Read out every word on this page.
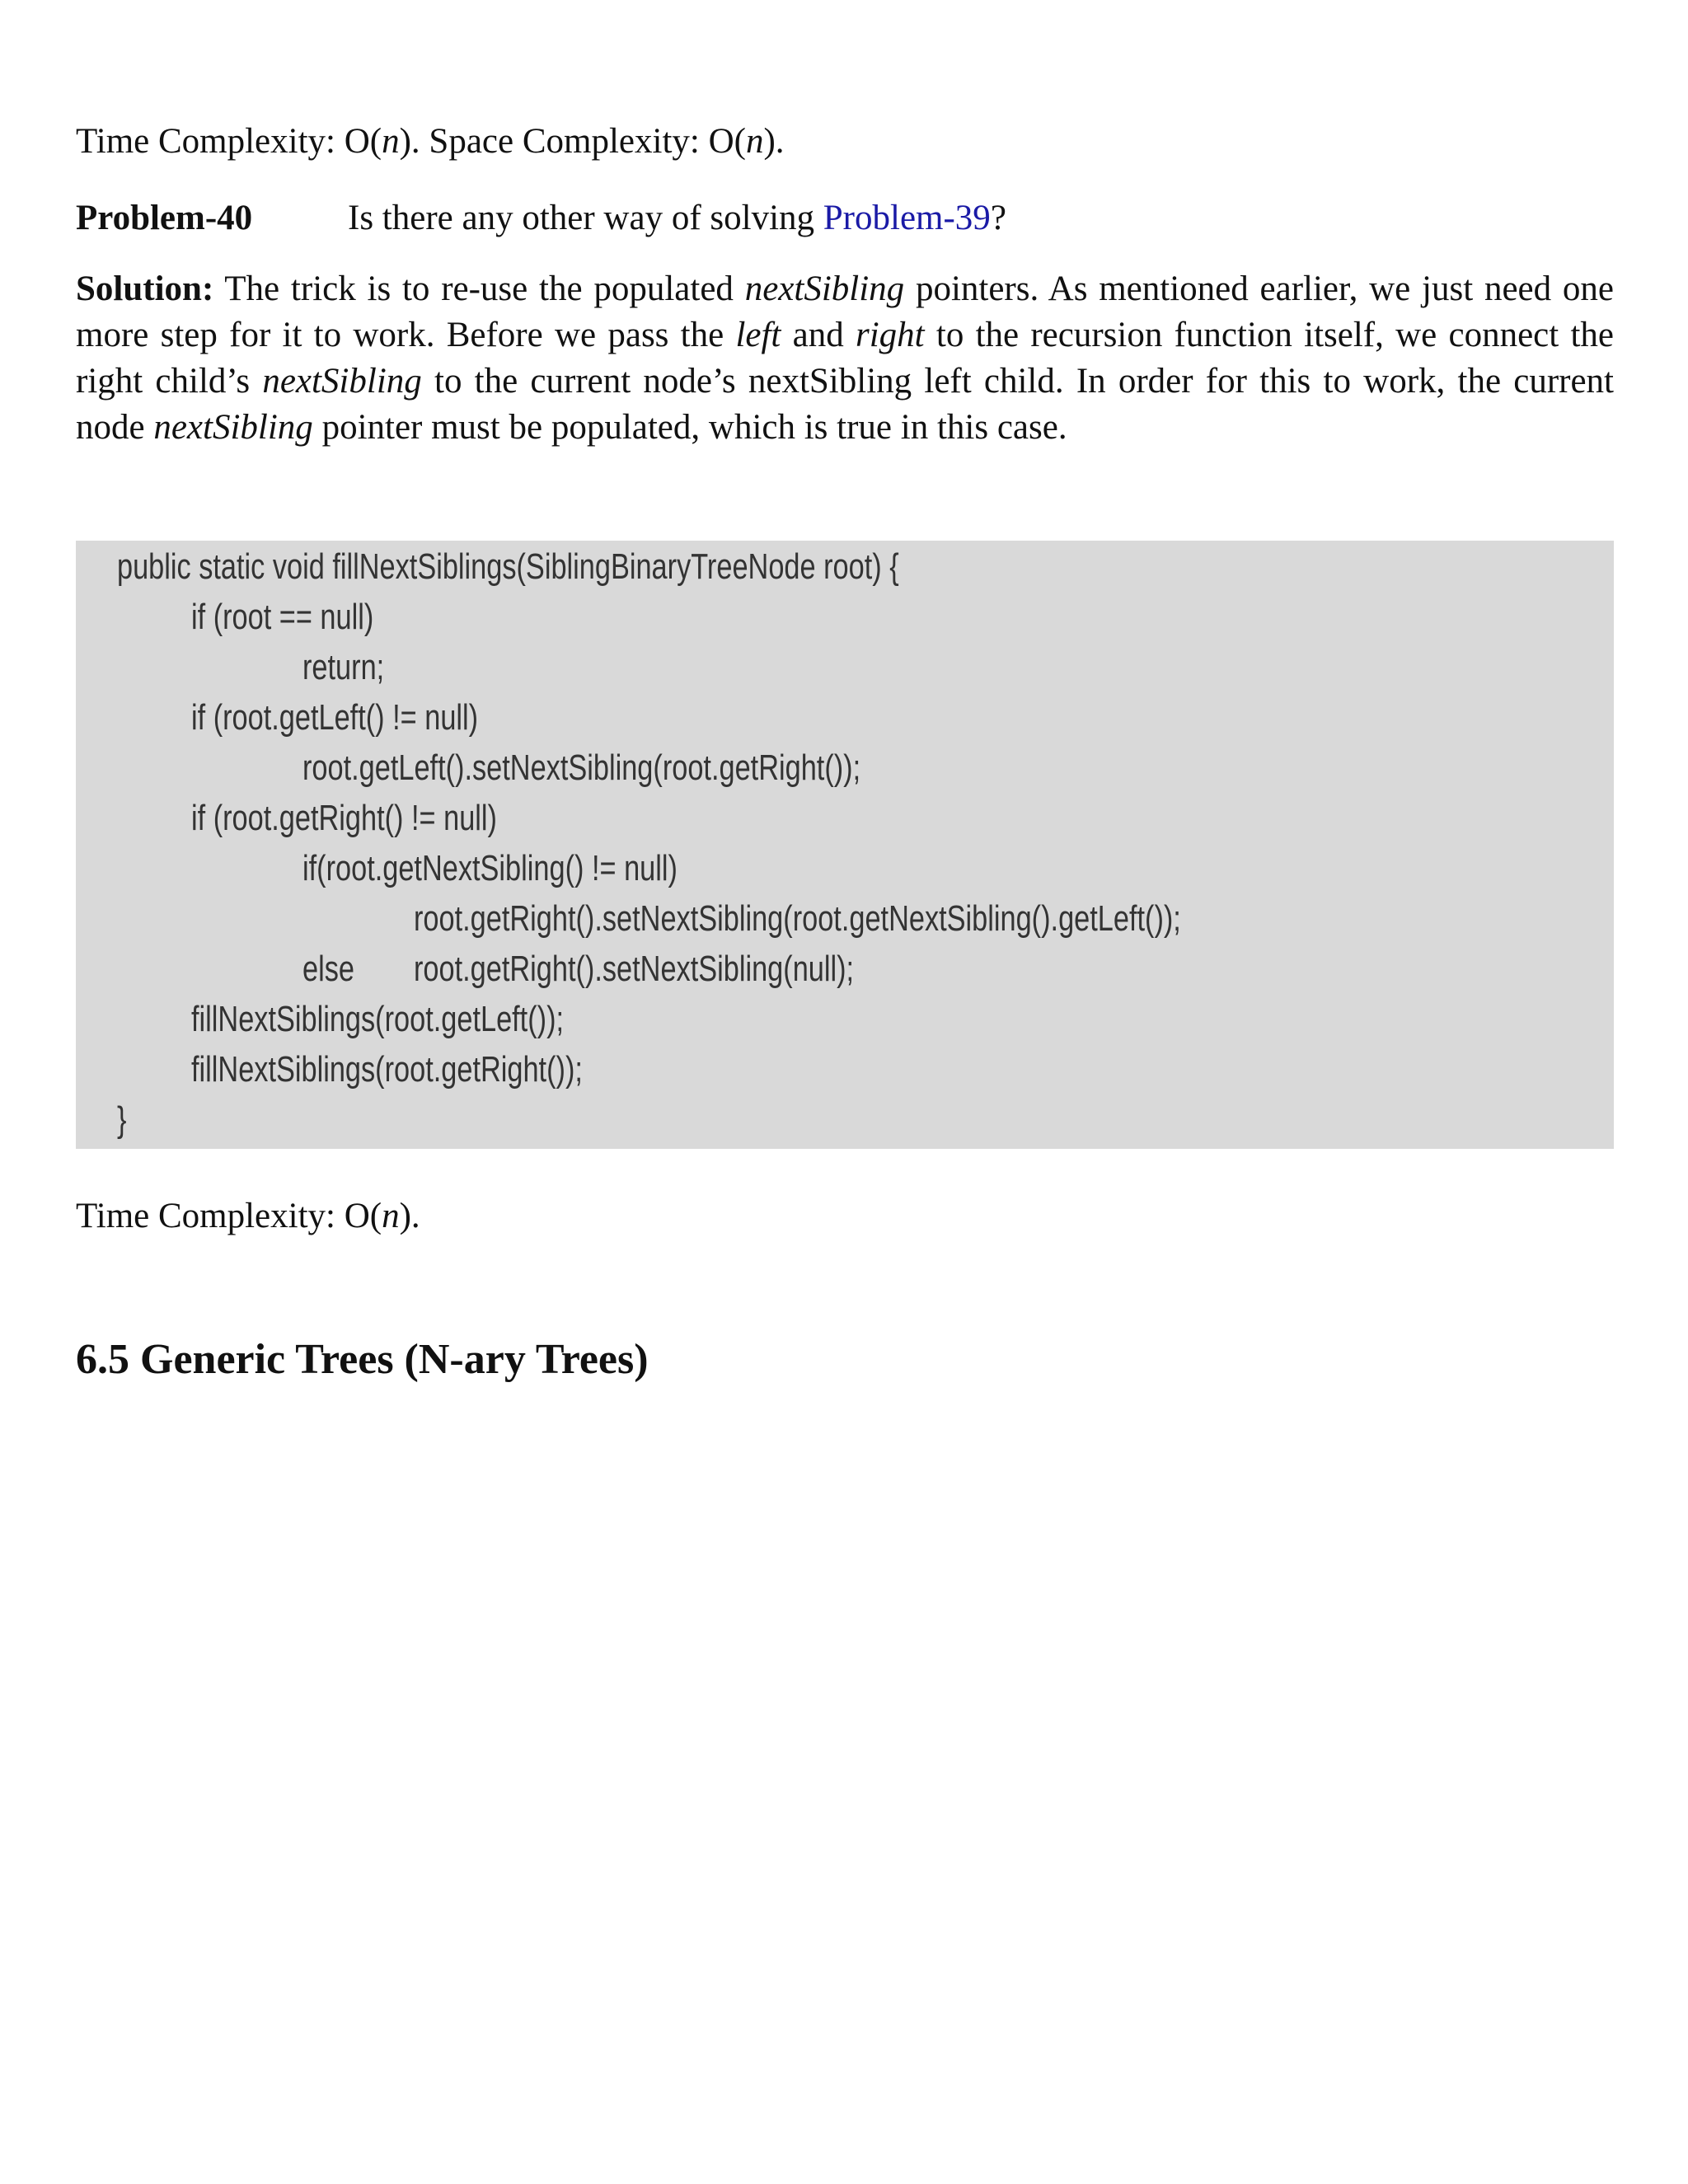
Time Complexity: O(n). Space Complexity: O(n).

Problem-40	Is there any other way of solving Problem-39?

Solution: The trick is to re-use the populated nextSibling pointers. As mentioned earlier, we just need one more step for it to work. Before we pass the left and right to the recursion function itself, we connect the right child’s nextSibling to the current node’s nextSibling left child. In order for this to work, the current node nextSibling pointer must be populated, which is true in this case.

public static void fillNextSiblings(SiblingBinaryTreeNode root) {
if (root == null)
return;
if (root.getLeft() != null)
root.getLeft().setNextSibling(root.getRight());
if (root.getRight() != null)
if(root.getNextSibling() != null)
root.getRight().setNextSibling(root.getNextSibling().getLeft());
else root.getRight().setNextSibling(null);
fillNextSiblings(root.getLeft());
fillNextSiblings(root.getRight());
}

Time Complexity: O(n).

6.5 Generic Trees (N-ary Trees)
